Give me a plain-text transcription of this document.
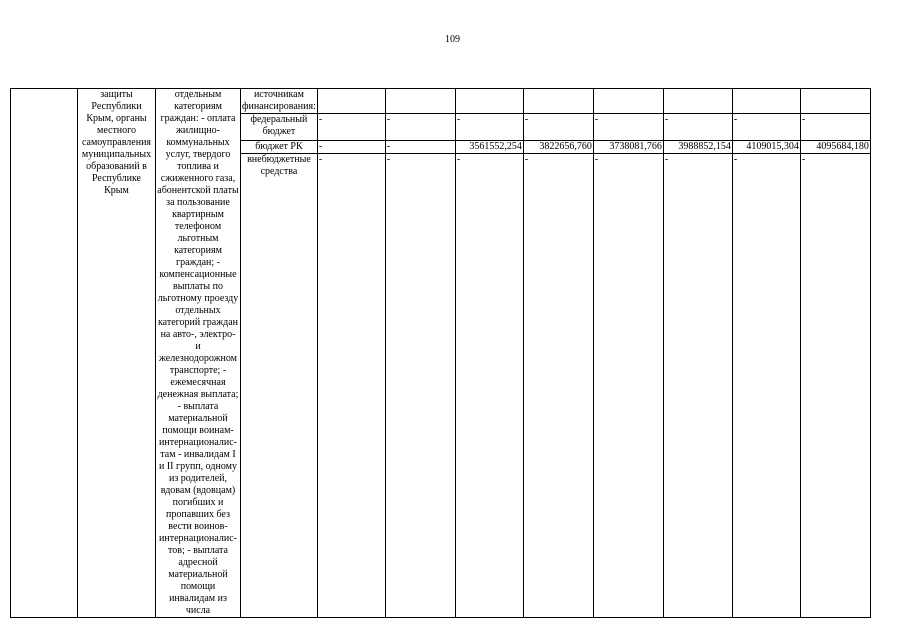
109
	защиты Республики Крым, органы местного самоуправления муниципальных образований в Республике Крым	отдельным категориям граждан: - оплата жилищно-коммунальных услуг, твердого топлива и сжиженного газа, абонентской платы за пользование квартирным телефоном льготным категориям граждан; - компенсационные выплаты по льготному проезду отдельных категорий граждан на авто-, электро- и железнодорожном транспорте; - ежемесячная денежная выплата; - выплата материальной помощи воинам-интернационалис-там - инвалидам I и II групп, одному из родителей, вдовам (вдовцам) погибших и пропавших без вести воинов-интернационалис-тов; - выплата адресной материальной помощи инвалидам из числа	источникам финансирования:								
			федеральный бюджет	-	-	-	-	-	-	-	-
			бюджет РК	-	-	3561552,254	3822656,760	3738081,766	3988852,154	4109015,304	4095684,180
			внебюджетные средства	-	-	-	-	-	-	-	-
